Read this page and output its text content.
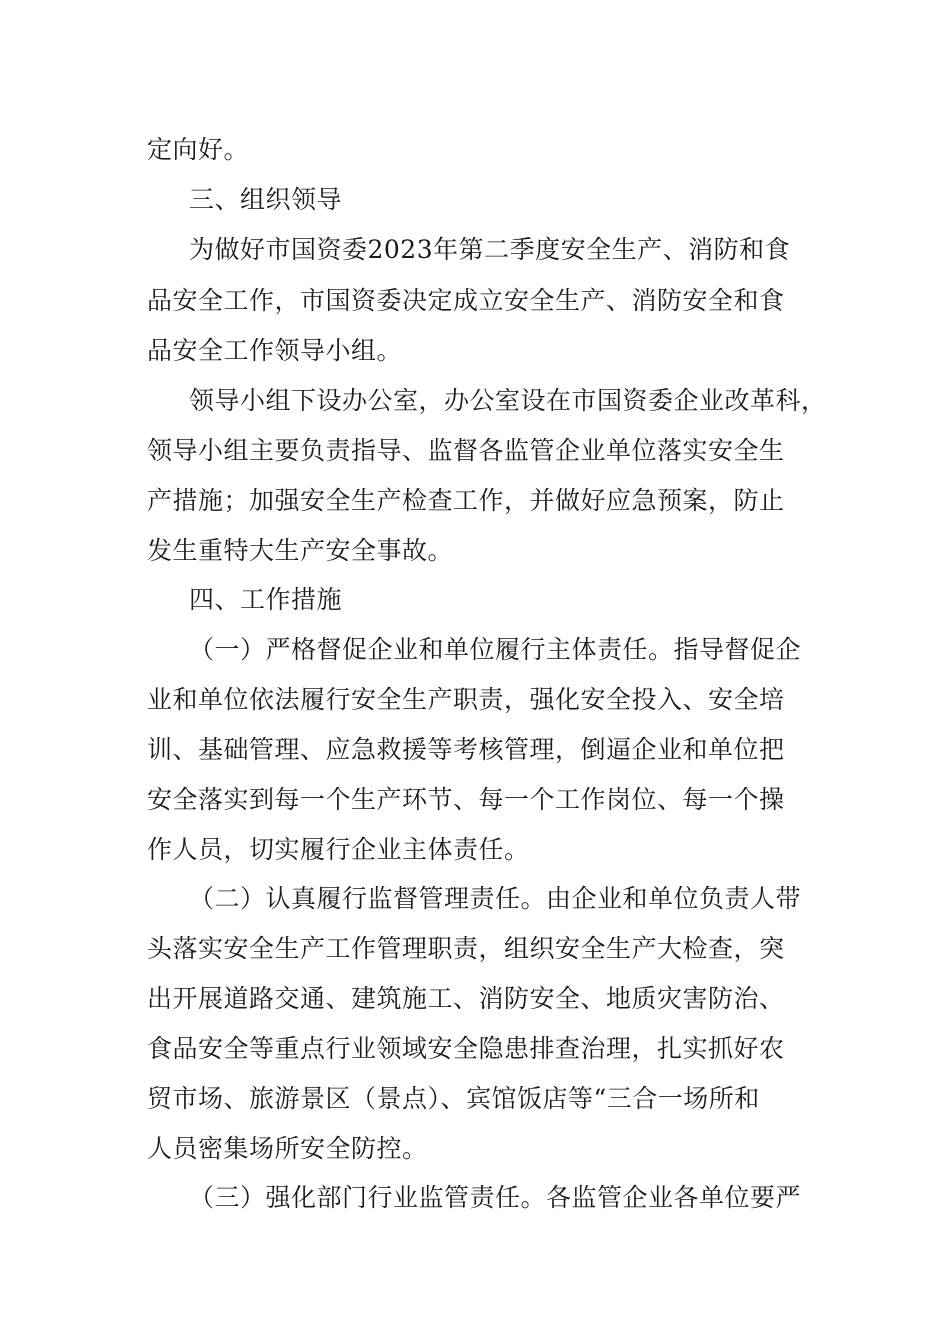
定向好。
三、组织领导
为做好市国资委2023年第二季度安全生产、消防和食
品安全工作，市国资委决定成立安全生产、消防安全和食
品安全工作领导小组。
领导小组下设办公室，办公室设在市国资委企业改革科，
领导小组主要负责指导、监督各监管企业单位落实安全生
产措施；加强安全生产检查工作，并做好应急预案，防止
发生重特大生产安全事故。
四、工作措施
（一）严格督促企业和单位履行主体责任。指导督促企
业和单位依法履行安全生产职责，强化安全投入、安全培
训、基础管理、应急救援等考核管理，倒逼企业和单位把
安全落实到每一个生产环节、每一个工作岗位、每一个操
作人员，切实履行企业主体责任。
（二）认真履行监督管理责任。由企业和单位负责人带
头落实安全生产工作管理职责，组织安全生产大检查，突
出开展道路交通、建筑施工、消防安全、地质灾害防治、
食品安全等重点行业领域安全隐患排查治理，扎实抓好农
贸市场、旅游景区（景点）、宾馆饭店等“三合一场所和
人员密集场所安全防控。
（三）强化部门行业监管责任。各监管企业各单位要严
